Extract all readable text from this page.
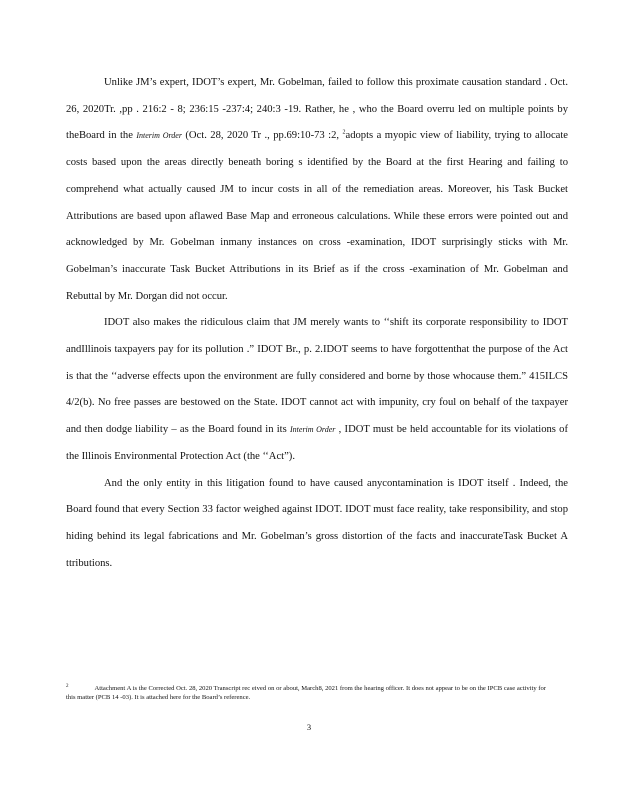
Unlike JM’s expert, IDOT’s expert, Mr. Gobelman, failed to follow this proximate causation standard . Oct. 26, 2020Tr. ,pp . 216:2 - 8; 236:15 -237:4; 240:3 -19. Rather, he , who the Board overru led on multiple points by theBoard in the Interim Order (Oct. 28, 2020 Tr ., pp.69:10-73 :2, $^2$adopts a myopic view of liability, trying to allocate costs based upon the areas directly beneath boring s identified by the Board at the first Hearing and failing to comprehend what actually caused JM to incur costs in all of the remediation areas. Moreover, his Task Bucket Attributions are based upon aflawed Base Map and erroneous calculations. While these errors were pointed out and acknowledged by Mr. Gobelman inmany instances on cross -examination, IDOT surprisingly sticks with Mr. Gobelman’s inaccurate Task Bucket Attributions in its Brief as if the cross -examination of Mr. Gobelman and Rebuttal by Mr. Dorgan did not occur.

IDOT also makes the ridiculous claim that JM merely wants to ‘‘shift its corporate responsibility to IDOT andIllinois taxpayers pay for its pollution .” IDOT Br., p. 2.IDOT seems to have forgottenthat the purpose of the Act is that the ‘‘adverse effects upon the environment are fully considered and borne by those whocause them.” 415ILCS 4/2(b). No free passes are bestowed on the State. IDOT cannot act with impunity, cry foul on behalf of the taxpayer and then dodge liability – as the Board found in its Interim Order , IDOT must be held accountable for its violations of the Illinois Environmental Protection Act (the ‘‘Act”).

And the only entity in this litigation found to have caused anycontamination is IDOT itself . Indeed, the Board found that every Section 33 factor weighed against IDOT. IDOT must face reality, take responsibility, and stop hiding behind its legal fabrications and Mr. Gobelman’s gross distortion of the facts and inaccurateTask Bucket A ttributions.

$^2$	Attachment A is the Corrected Oct. 28, 2020 Transcript rec eived on or about, March8, 2021 from the hearing officer. It does not appear to be on the IPCB case activity for this matter (PCB 14 -03). It is attached here for the Board’s reference.
3
